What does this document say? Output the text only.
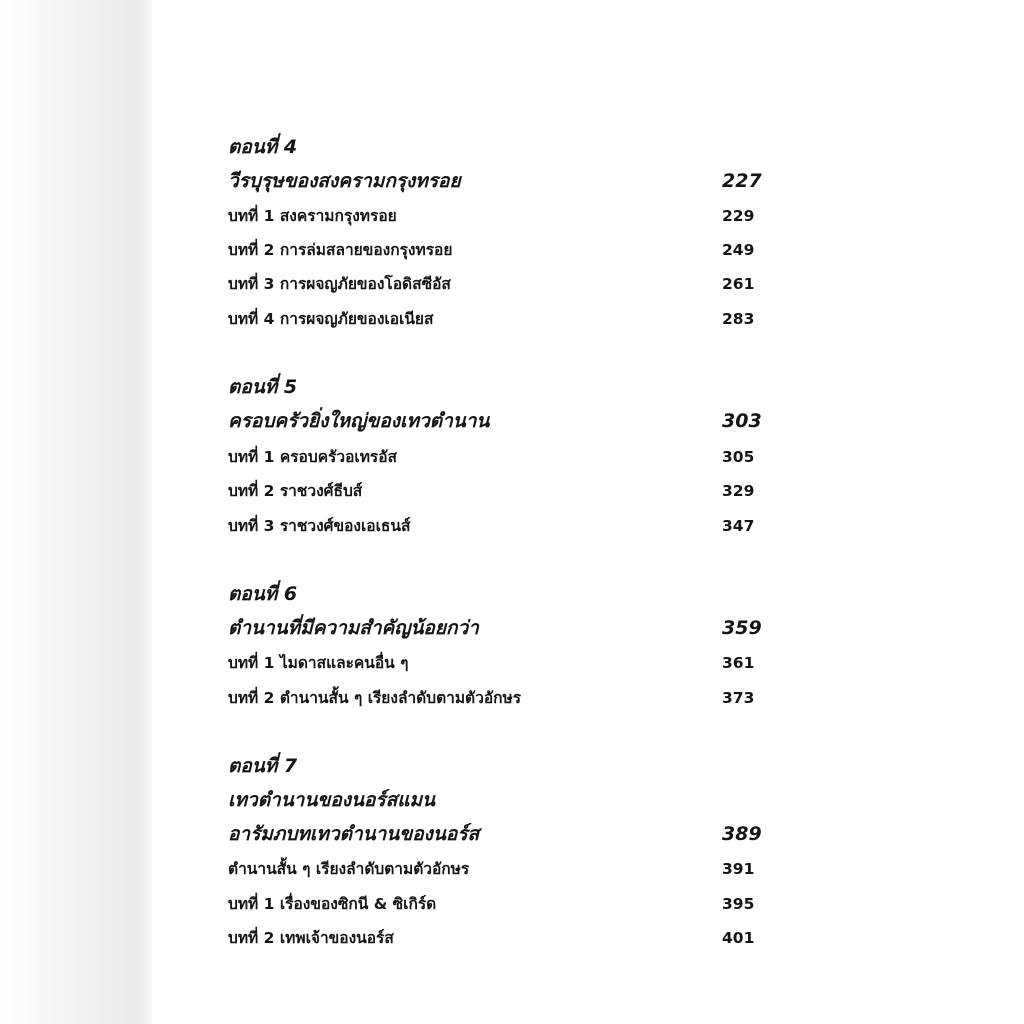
ตอนที่ 4
วีรบุรุษของสงครามกรุงทรอย	227
บทที่ 1 สงครามกรุงทรอย	229
บทที่ 2 การล่มสลายของกรุงทรอย	249
บทที่ 3 การผจญภัยของโอดิสซีอัส	261
บทที่ 4 การผจญภัยของเอเนียส	283
ตอนที่ 5
ครอบครัวยิ่งใหญ่ของเทวตำนาน	303
บทที่ 1 ครอบครัวอเทรอัส	305
บทที่ 2 ราชวงศ์ธีบส์	329
บทที่ 3 ราชวงศ์ของเอเธนส์	347
ตอนที่ 6
ตำนานที่มีความสำคัญน้อยกว่า	359
บทที่ 1 ไมดาสและคนอื่น ๆ	361
บทที่ 2 ตำนานสั้น ๆ เรียงลำดับตามตัวอักษร	373
ตอนที่ 7
เทวตำนานของนอร์สแมน
อารัมภบทเทวตำนานของนอร์ส	389
ตำนานสั้น ๆ เรียงลำดับตามตัวอักษร	391
บทที่ 1 เรื่องของซิกนี & ซิเกิร์ด	395
บทที่ 2 เทพเจ้าของนอร์ส	401
